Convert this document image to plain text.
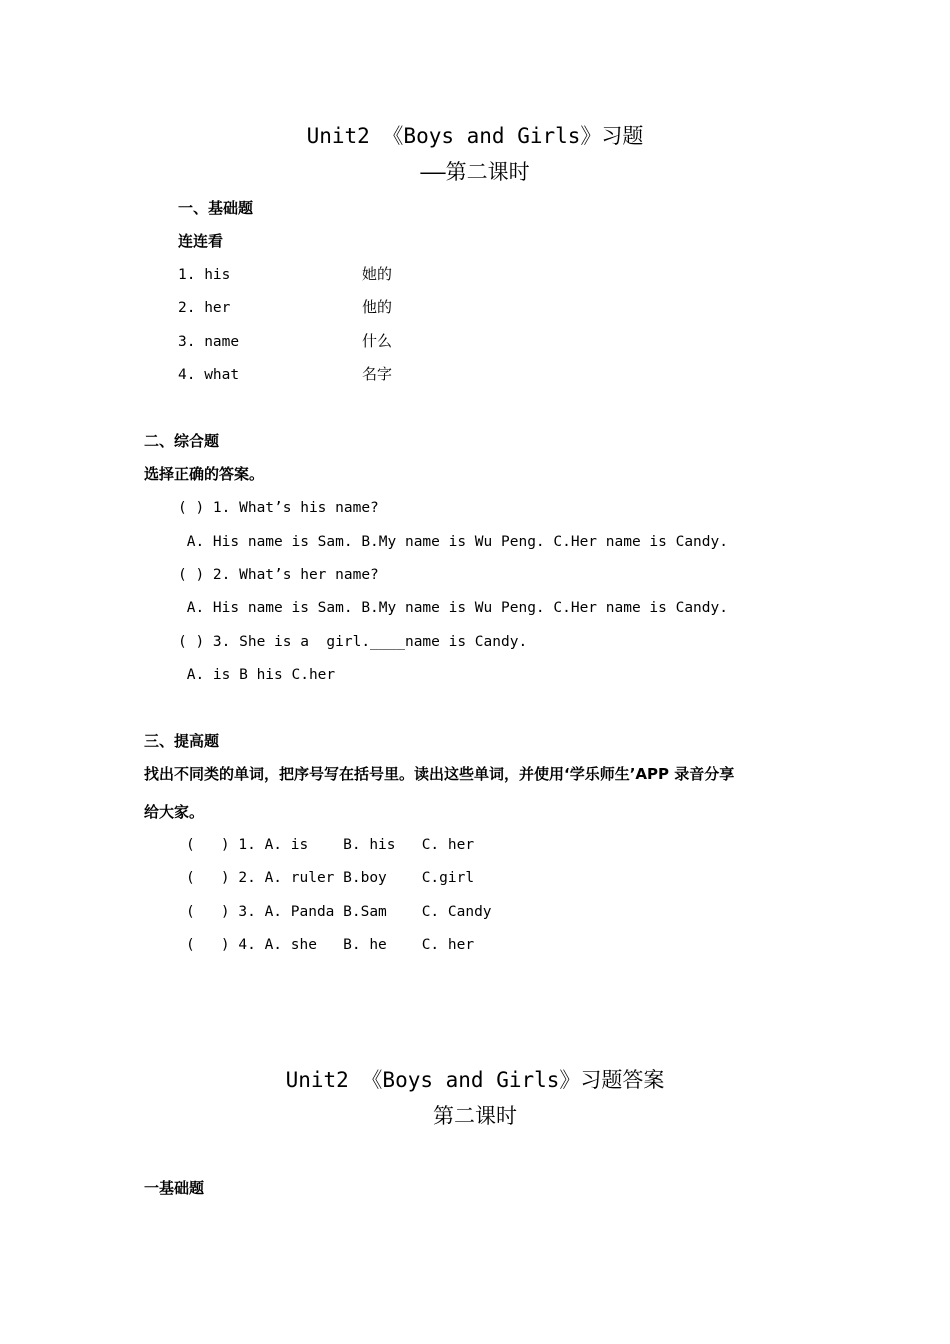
Unit2 《Boys and Girls》习题
——第二课时
一、基础题
连连看
1. his	她的
2. her	他的
3. name	什么
4. what	名字
二、综合题
选择正确的答案。
( ) 1. What’s his name?
A. His name is Sam. B.My name is Wu Peng. C.Her name is Candy.
( ) 2. What’s her name?
A. His name is Sam. B.My name is Wu Peng. C.Her name is Candy.
( ) 3. She is a  girl.____name is Candy.
A. is B his C.her
三、提高题
找出不同类的单词，把序号写在括号里。读出这些单词，并使用‘学乐师生’APP 录音分享
给大家。
(   ) 1. A. is    B. his   C. her
(   ) 2. A. ruler B.boy    C.girl
(   ) 3. A. Panda B.Sam    C. Candy
(   ) 4. A. she   B. he    C. her
Unit2 《Boys and Girls》习题答案
第二课时
一基础题
